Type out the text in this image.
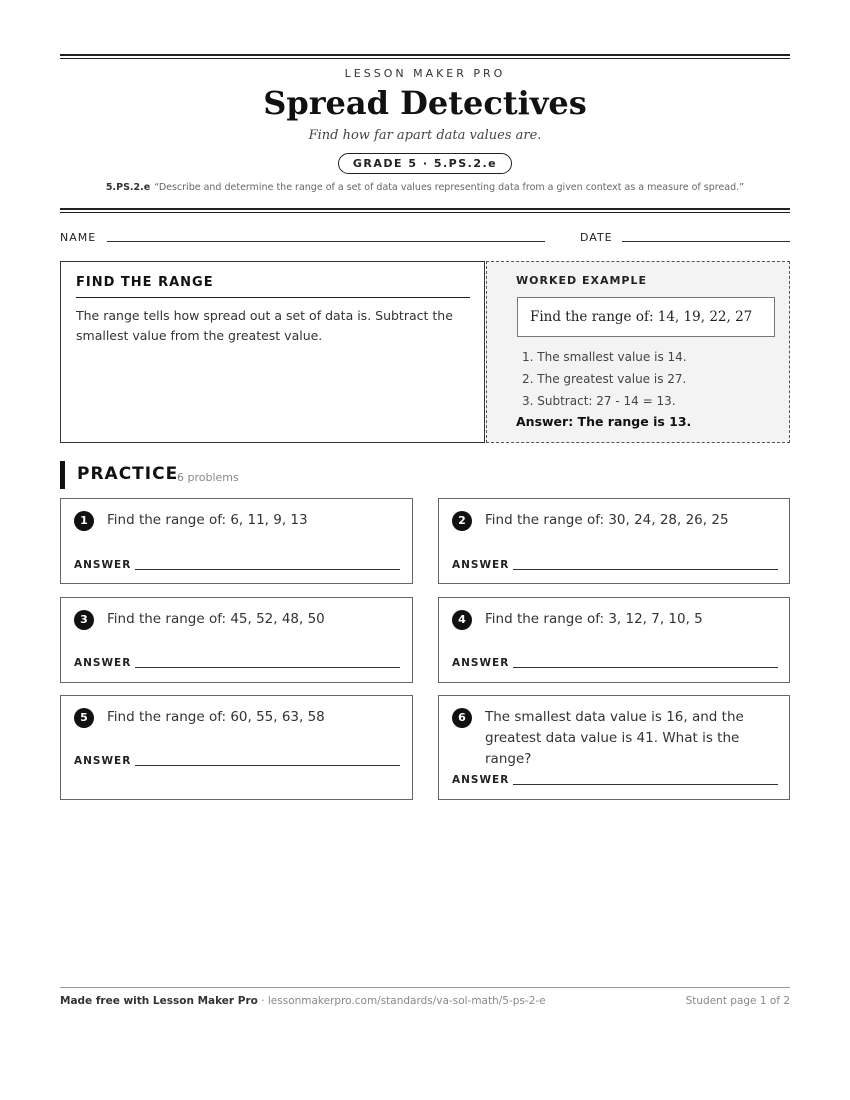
LESSON MAKER PRO
Spread Detectives
Find how far apart data values are.
GRADE 5 · 5.PS.2.e
5.PS.2.e “Describe and determine the range of a set of data values representing data from a given context as a measure of spread.”
NAME	DATE
FIND THE RANGE
The range tells how spread out a set of data is. Subtract the smallest value from the greatest value.
WORKED EXAMPLE
Find the range of: 14, 19, 22, 27
1. The smallest value is 14.
2. The greatest value is 27.
3. Subtract: 27 - 14 = 13.
Answer: The range is 13.
PRACTICE
6 problems
1	Find the range of: 6, 11, 9, 13
ANSWER
2	Find the range of: 30, 24, 28, 26, 25
ANSWER
3	Find the range of: 45, 52, 48, 50
ANSWER
4	Find the range of: 3, 12, 7, 10, 5
ANSWER
5	Find the range of: 60, 55, 63, 58
ANSWER
6	The smallest data value is 16, and the greatest data value is 41. What is the range?
ANSWER
Made free with Lesson Maker Pro · lessonmakerpro.com/standards/va-sol-math/5-ps-2-e	Student page 1 of 2
